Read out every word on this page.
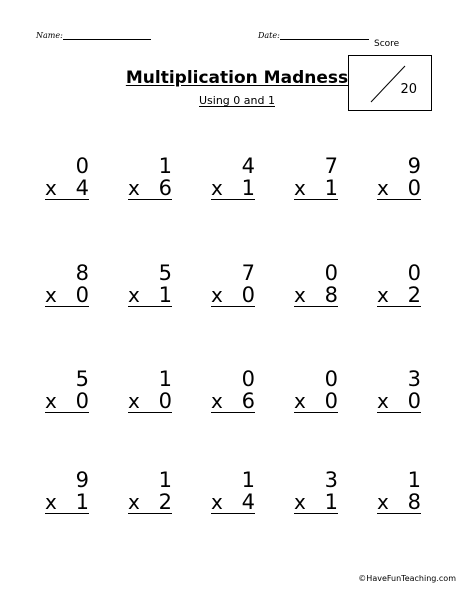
Name:	Date:
Score
Multiplication Madness
Using 0 and 1
20
0
x 4
1
x 6
4
x 1
7
x 1
9
x 0
8
x 0
5
x 1
7
x 0
0
x 8
0
x 2
5
x 0
1
x 0
0
x 6
0
x 0
3
x 0
9
x 1
1
x 2
1
x 4
3
x 1
1
x 8
©HaveFunTeaching.com
